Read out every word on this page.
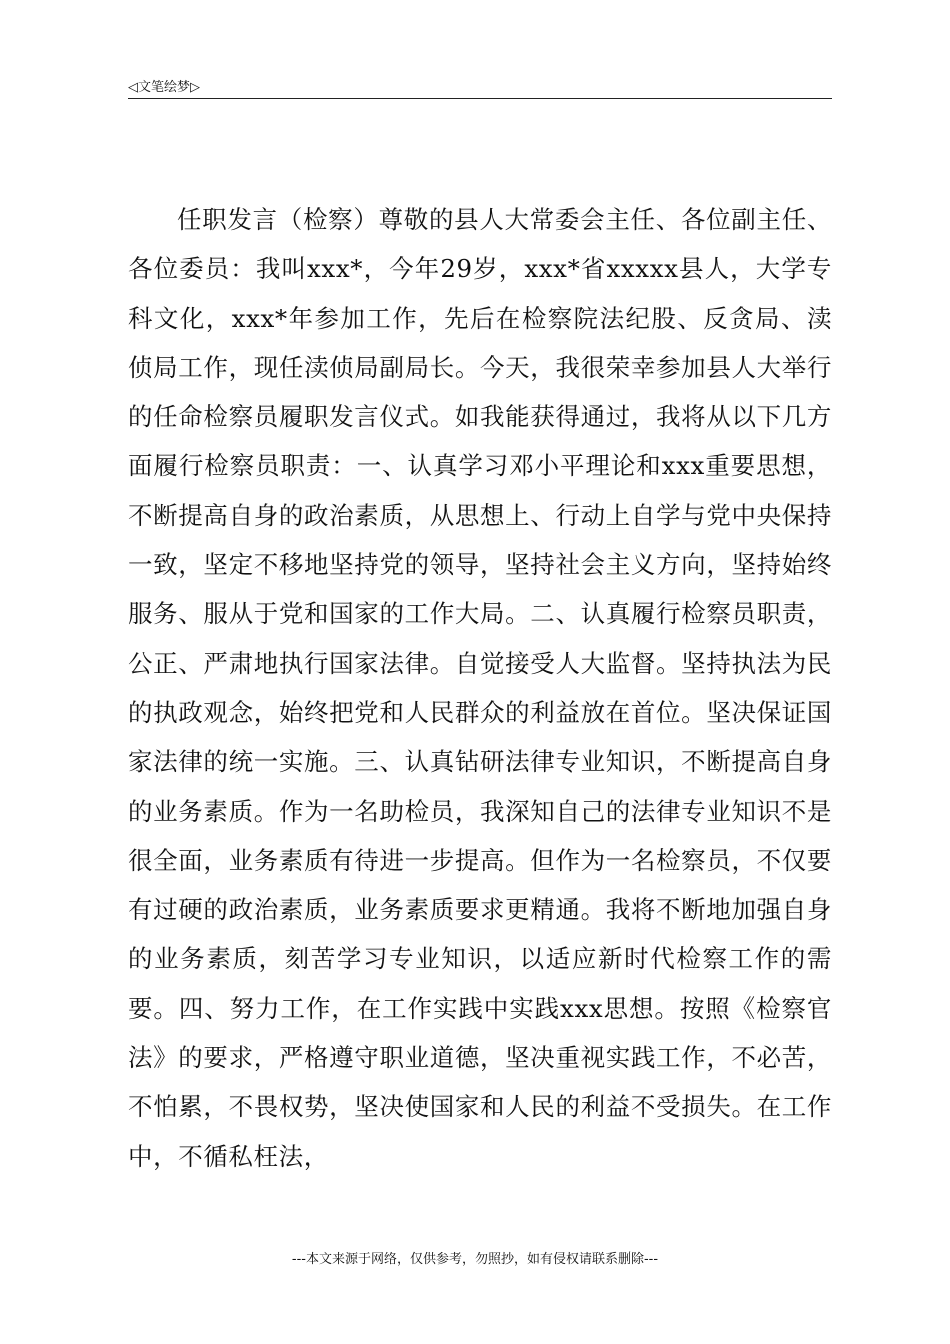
◁文笔绘梦▷

任职发言（检察）尊敬的县人大常委会主任、各位副主任、各位委员：我叫xxx*，今年29岁，xxx*省xxxxx县人，大学专科文化，xxx*年参加工作，先后在检察院法纪股、反贪局、渎侦局工作，现任渎侦局副局长。今天，我很荣幸参加县人大举行的任命检察员履职发言仪式。如我能获得通过，我将从以下几方面履行检察员职责：一、认真学习邓小平理论和xxx重要思想，不断提高自身的政治素质，从思想上、行动上自学与党中央保持一致，坚定不移地坚持党的领导，坚持社会主义方向，坚持始终服务、服从于党和国家的工作大局。二、认真履行检察员职责，公正、严肃地执行国家法律。自觉接受人大监督。坚持执法为民的执政观念，始终把党和人民群众的利益放在首位。坚决保证国家法律的统一实施。三、认真钻研法律专业知识，不断提高自身的业务素质。作为一名助检员，我深知自己的法律专业知识不是很全面，业务素质有待进一步提高。但作为一名检察员，不仅要有过硬的政治素质，业务素质要求更精通。我将不断地加强自身的业务素质，刻苦学习专业知识，以适应新时代检察工作的需要。四、努力工作，在工作实践中实践xxx思想。按照《检察官法》的要求，严格遵守职业道德，坚决重视实践工作，不必苦，不怕累，不畏权势，坚决使国家和人民的利益不受损失。在工作中，不循私枉法，

---本文来源于网络，仅供参考，勿照抄，如有侵权请联系删除---
